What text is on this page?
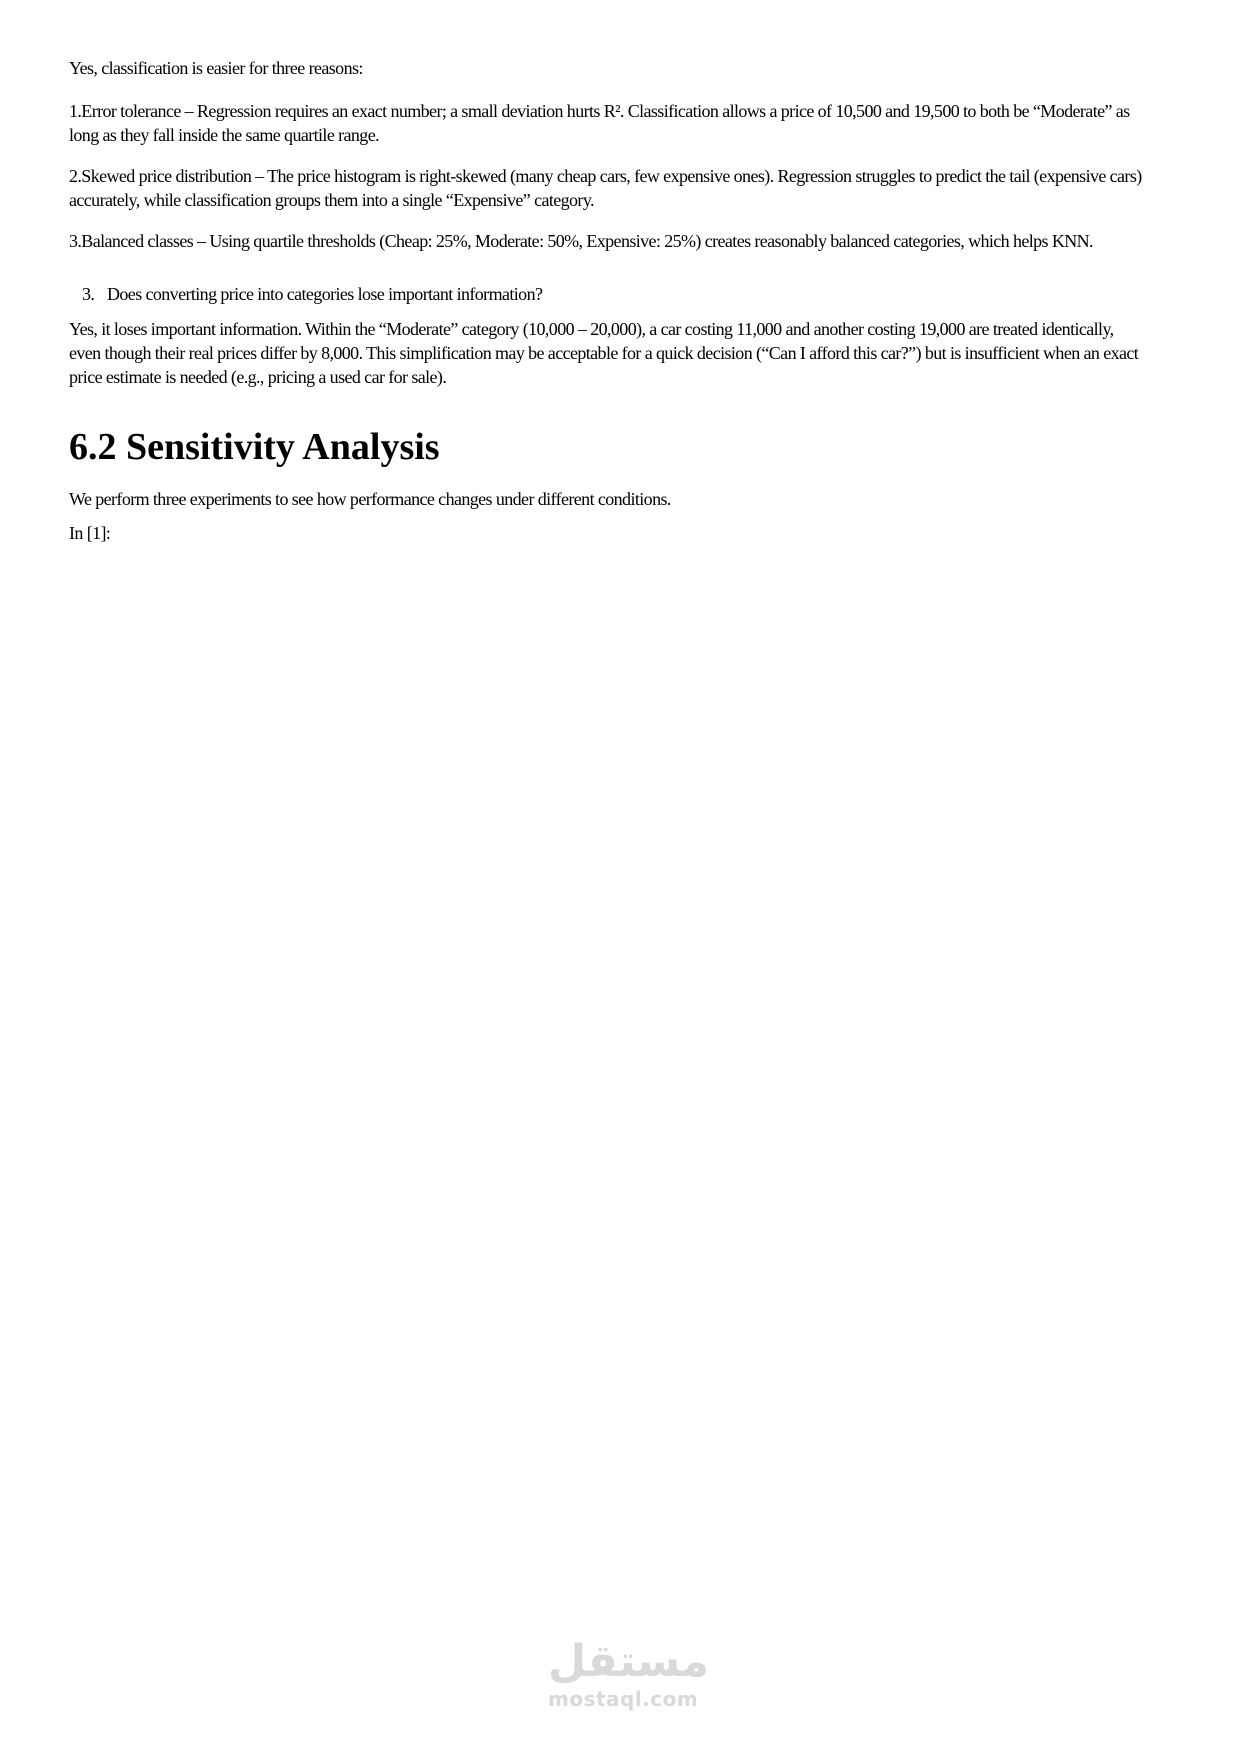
Yes, classification is easier for three reasons:

1.Error tolerance – Regression requires an exact number; a small deviation hurts R². Classification allows a price of 10,500 and 19,500 to both be “Moderate” as long as they fall inside the same quartile range.

2.Skewed price distribution – The price histogram is right-skewed (many cheap cars, few expensive ones). Regression struggles to predict the tail (expensive cars) accurately, while classification groups them into a single “Expensive” category.

3.Balanced classes – Using quartile thresholds (Cheap: 25%, Moderate: 50%, Expensive: 25%) creates reasonably balanced categories, which helps KNN.

3. Does converting price into categories lose important information?

Yes, it loses important information. Within the “Moderate” category (10,000 – 20,000), a car costing 11,000 and another costing 19,000 are treated identically, even though their real prices differ by 8,000. This simplification may be acceptable for a quick decision (“Can I afford this car?”) but is insufficient when an exact price estimate is needed (e.g., pricing a used car for sale).

6.2 Sensitivity Analysis

We perform three experiments to see how performance changes under different conditions.

In [1]:

مستقل
mostaql.com
